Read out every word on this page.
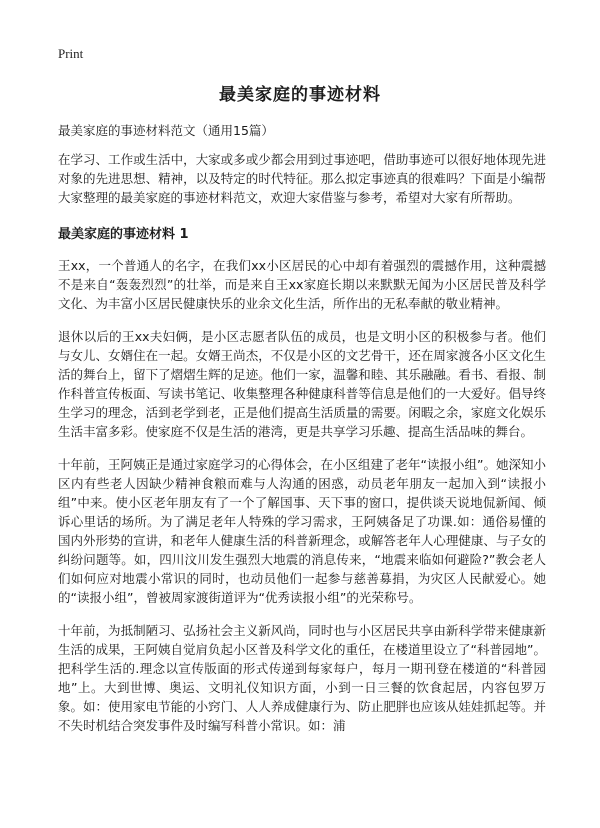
Print
最美家庭的事迹材料
最美家庭的事迹材料范文（通用15篇）

在学习、工作或生活中，大家或多或少都会用到过事迹吧，借助事迹可以很好地体现先进对象的先进思想、精神，以及特定的时代特征。那么拟定事迹真的很难吗？下面是小编帮大家整理的最美家庭的事迹材料范文，欢迎大家借鉴与参考，希望对大家有所帮助。

最美家庭的事迹材料 1

王xx，一个普通人的名字，在我们xx小区居民的心中却有着强烈的震撼作用，这种震撼不是来自“轰轰烈烈”的壮举，而是来自王xx家庭长期以来默默无闻为小区居民普及科学文化、为丰富小区居民健康快乐的业余文化生活，所作出的无私奉献的敬业精神。

退休以后的王xx夫妇俩，是小区志愿者队伍的成员，也是文明小区的积极参与者。他们与女儿、女婿住在一起。女婿王尚杰，不仅是小区的文艺骨干，还在周家渡各小区文化生活的舞台上，留下了熠熠生辉的足迹。他们一家，温馨和睦、其乐融融。看书、看报、制作科普宣传板面、写读书笔记、收集整理各种健康科普等信息是他们的一大爱好。倡导终生学习的理念，活到老学到老，正是他们提高生活质量的需要。闲暇之余，家庭文化娱乐生活丰富多彩。使家庭不仅是生活的港湾，更是共享学习乐趣、提高生活品味的舞台。

十年前，王阿姨正是通过家庭学习的心得体会，在小区组建了老年“读报小组”。她深知小区内有些老人因缺少精神食粮而难与人沟通的困惑，动员老年朋友一起加入到“读报小组”中来。使小区老年朋友有了一个了解国事、天下事的窗口，提供谈天说地侃新闻、倾诉心里话的场所。为了满足老年人特殊的学习需求，王阿姨备足了功课.如：通俗易懂的国内外形势的宣讲，和老年人健康生活的科普新理念，或解答老年人心理健康、与子女的纠纷问题等。如，四川汶川发生强烈大地震的消息传来，“地震来临如何避险?”教会老人们如何应对地震小常识的同时，也动员他们一起参与慈善募捐，为灾区人民献爱心。她的“读报小组”，曾被周家渡街道评为“优秀读报小组”的光荣称号。

十年前，为抵制陋习、弘扬社会主义新风尚，同时也与小区居民共享由新科学带来健康新生活的成果，王阿姨自觉肩负起小区普及科学文化的重任，在楼道里设立了“科普园地”。把科学生活的.理念以宣传版面的形式传递到每家每户，每月一期刊登在楼道的“科普园地”上。大到世博、奥运、文明礼仪知识方面，小到一日三餐的饮食起居，内容包罗万象。如：使用家电节能的小窍门、人人养成健康行为、防止肥胖也应该从娃娃抓起等。并不失时机结合突发事件及时编写科普小常识。如：浦
